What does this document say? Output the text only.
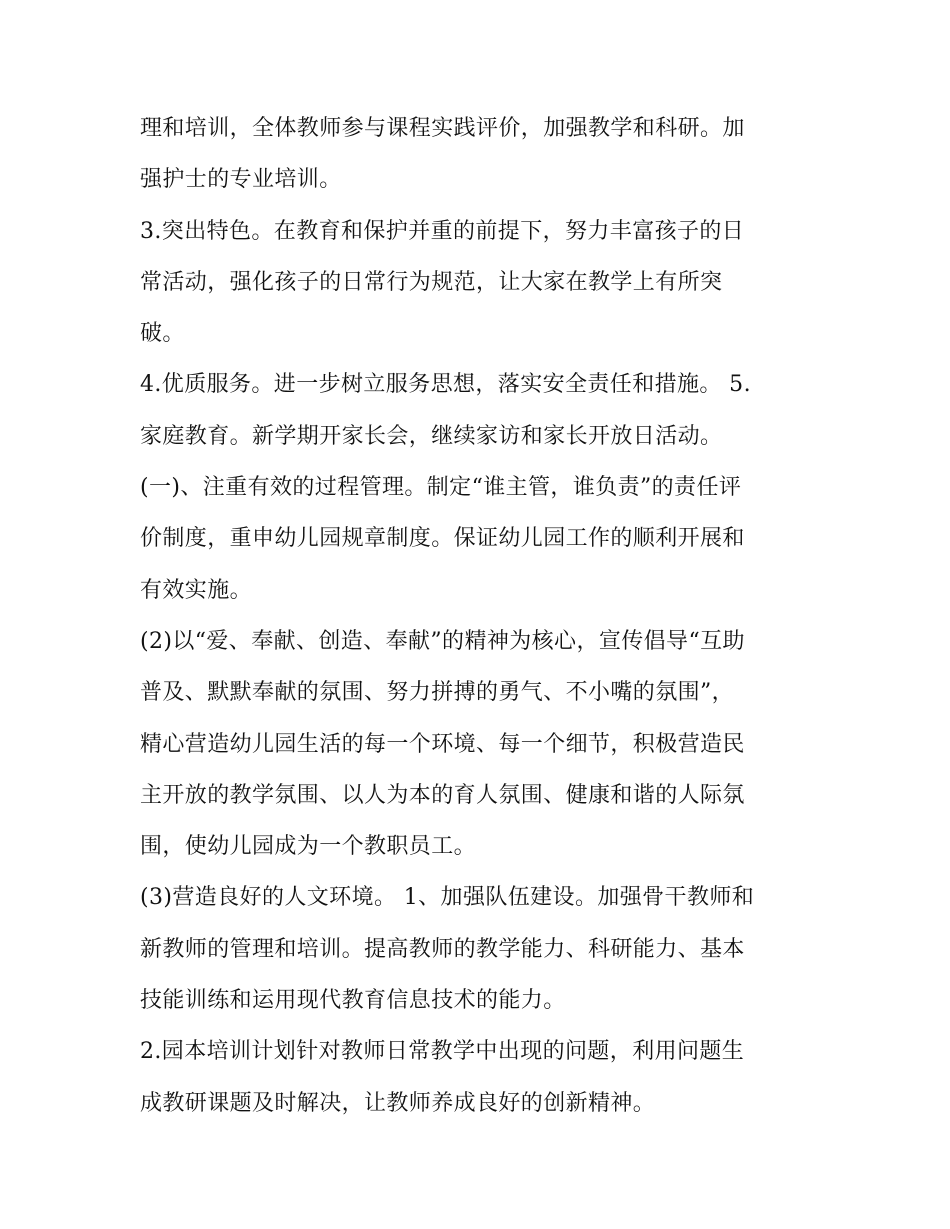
理和培训，全体教师参与课程实践评价，加强教学和科研。加
强护士的专业培训。
3.突出特色。在教育和保护并重的前提下，努力丰富孩子的日
常活动，强化孩子的日常行为规范，让大家在教学上有所突
破。
4.优质服务。进一步树立服务思想，落实安全责任和措施。 5.
家庭教育。新学期开家长会，继续家访和家长开放日活动。
(一)、注重有效的过程管理。制定“谁主管，谁负责”的责任评
价制度，重申幼儿园规章制度。保证幼儿园工作的顺利开展和
有效实施。
(2)以“爱、奉献、创造、奉献”的精神为核心，宣传倡导“互助
普及、默默奉献的氛围、努力拼搏的勇气、不小嘴的氛围”，
精心营造幼儿园生活的每一个环境、每一个细节，积极营造民
主开放的教学氛围、以人为本的育人氛围、健康和谐的人际氛
围，使幼儿园成为一个教职员工。
(3)营造良好的人文环境。 1、加强队伍建设。加强骨干教师和
新教师的管理和培训。提高教师的教学能力、科研能力、基本
技能训练和运用现代教育信息技术的能力。
2.园本培训计划针对教师日常教学中出现的问题，利用问题生
成教研课题及时解决，让教师养成良好的创新精神。
